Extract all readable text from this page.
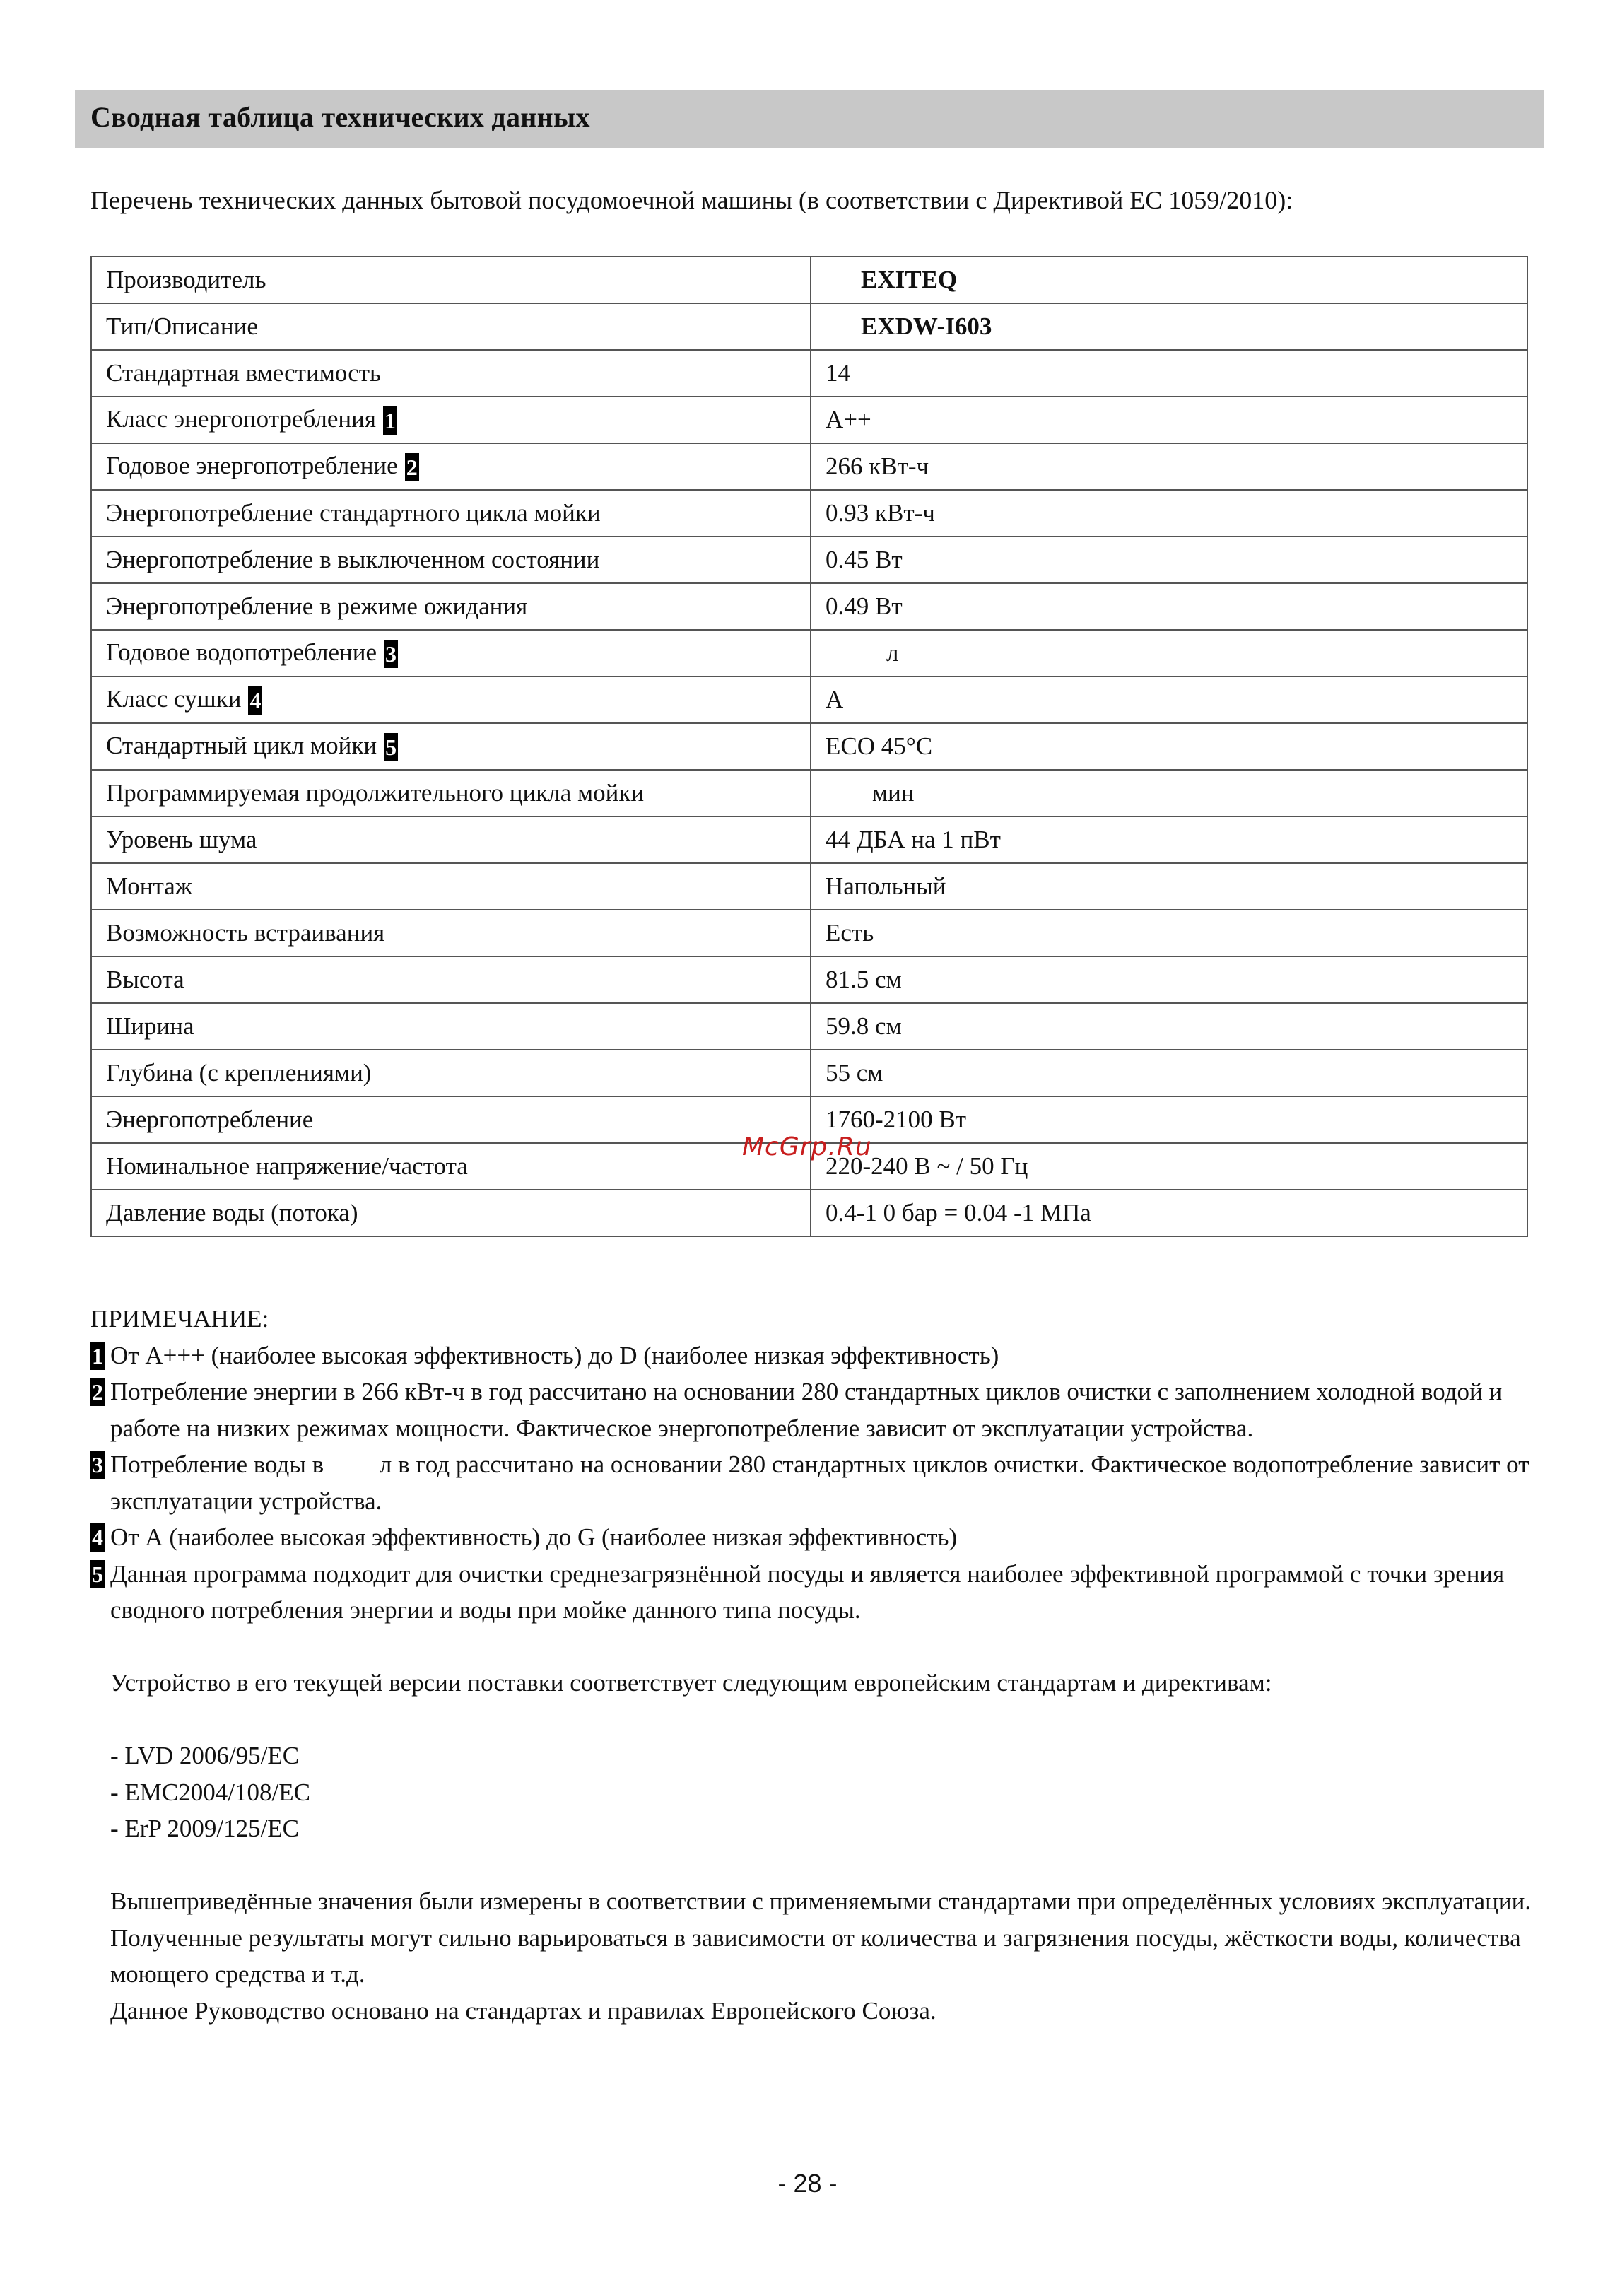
Сводная таблица технических данных
Перечень технических данных бытовой посудомоечной машины (в соответствии с Директивой ЕС 1059/2010):
Производитель	EXITEQ
Тип/Описание	EXDW-I603
Стандартная вместимость	14
Класс энергопотребления 1	А++
Годовое энергопотребление 2	266 кВт-ч
Энергопотребление стандартного цикла мойки	0.93 кВт-ч
Энергопотребление в выключенном состоянии	0.45 Вт
Энергопотребление в режиме ожидания	0.49 Вт
Годовое водопотребление 3	л
Класс сушки 4	А
Стандартный цикл мойки 5	ECO 45°C
Программируемая продолжительного цикла мойки	мин
Уровень шума	44 ДБА на 1 пВт
Монтаж	Напольный
Возможность встраивания	Есть
Высота	81.5 см
Ширина	59.8 см
Глубина (с креплениями)	55 см
Энергопотребление	1760-2100 Вт
Номинальное напряжение/частота	220-240 В ~ / 50 Гц
Давление воды (потока)	0.4-1 0 бар = 0.04 -1 МПа
McGrp.Ru

ПРИМЕЧАНИЕ:

1 От А+++ (наиболее высокая эффективность) до D (наиболее низкая эффективность)

2 Потребление энергии в 266 кВт-ч в год рассчитано на основании 280 стандартных циклов очистки с заполнением холодной водой и работе на низких режимах мощности. Фактическое энергопотребление зависит от эксплуатации устройства.

3 Потребление воды в         л в год рассчитано на основании 280 стандартных циклов очистки. Фактическое водопотребление зависит от эксплуатации устройства.

4 От А (наиболее высокая эффективность) до G (наиболее низкая эффективность)

5 Данная программа подходит для очистки среднезагрязнённой посуды и является наиболее эффективной программой с точки зрения сводного потребления энергии и воды при мойке данного типа посуды.

Устройство в его текущей версии поставки соответствует следующим европейским стандартам и директивам:

- LVD 2006/95/EC

- EMC2004/108/EC

- ErP 2009/125/EC

Вышеприведённые значения были измерены в соответствии с применяемыми стандартами при определённых условиях эксплуатации. Полученные результаты могут сильно варьироваться в зависимости от количества и загрязнения посуды, жёсткости воды, количества моющего средства и т.д.

Данное Руководство основано на стандартах и правилах Европейского Союза.

- 28 -
